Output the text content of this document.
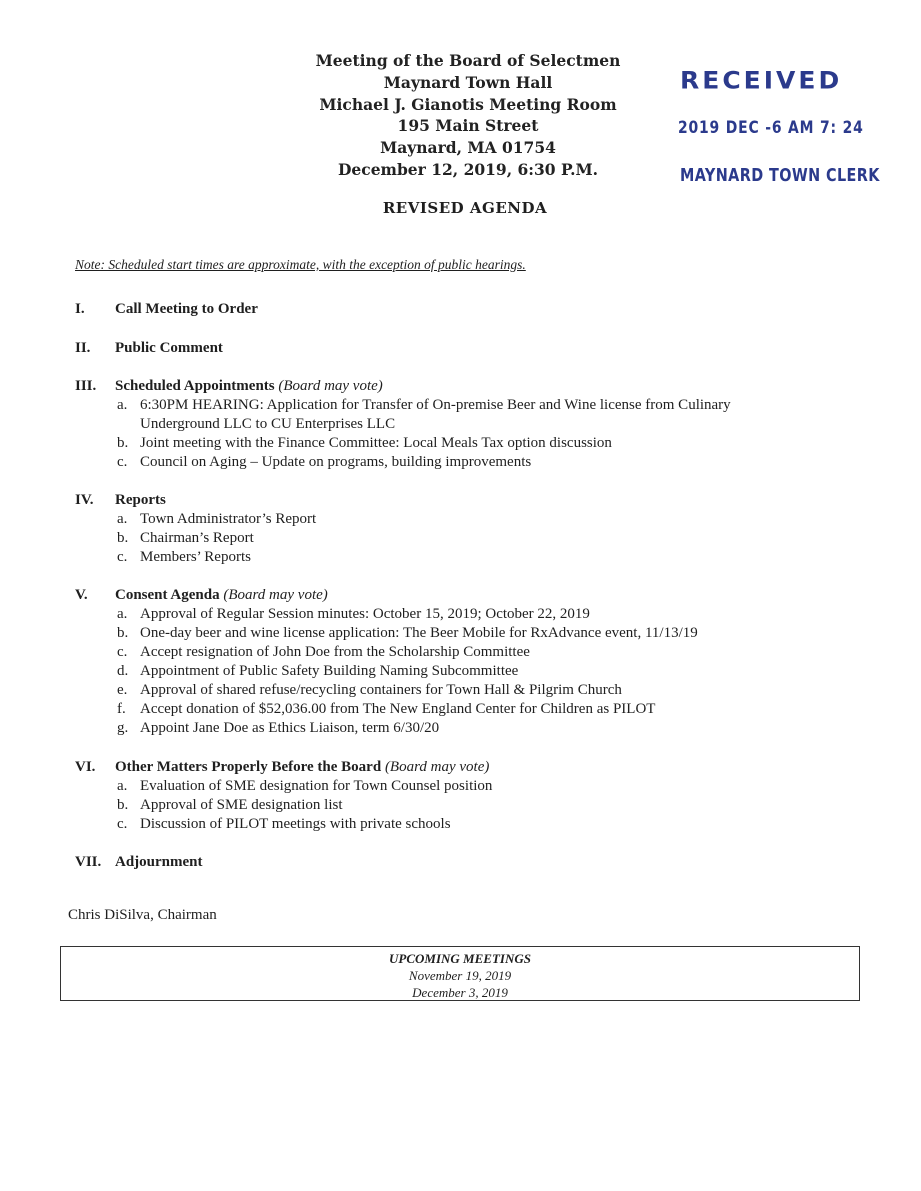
Meeting of the Board of Selectmen
Maynard Town Hall
Michael J. Gianotis Meeting Room
195 Main Street
Maynard, MA 01754
December 12, 2019, 6:30 P.M.
RECEIVED
2019 DEC -6 AM 7: 24
MAYNARD TOWN CLERK
REVISED AGENDA
Note: Scheduled start times are approximate, with the exception of public hearings.
I. Call Meeting to Order
II. Public Comment
III. Scheduled Appointments (Board may vote)
a. 6:30PM HEARING: Application for Transfer of On-premise Beer and Wine license from Culinary
Underground LLC to CU Enterprises LLC
b. Joint meeting with the Finance Committee: Local Meals Tax option discussion
c. Council on Aging – Update on programs, building improvements
IV. Reports
a. Town Administrator’s Report
b. Chairman’s Report
c. Members’ Reports
V. Consent Agenda (Board may vote)
a. Approval of Regular Session minutes: October 15, 2019; October 22, 2019
b. One-day beer and wine license application: The Beer Mobile for RxAdvance event, 11/13/19
c. Accept resignation of John Doe from the Scholarship Committee
d. Appointment of Public Safety Building Naming Subcommittee
e. Approval of shared refuse/recycling containers for Town Hall & Pilgrim Church
f. Accept donation of $52,036.00 from The New England Center for Children as PILOT
g. Appoint Jane Doe as Ethics Liaison, term 6/30/20
VI. Other Matters Properly Before the Board (Board may vote)
a. Evaluation of SME designation for Town Counsel position
b. Approval of SME designation list
c. Discussion of PILOT meetings with private schools
VII. Adjournment
Chris DiSilva, Chairman
UPCOMING MEETINGS
November 19, 2019
December 3, 2019
